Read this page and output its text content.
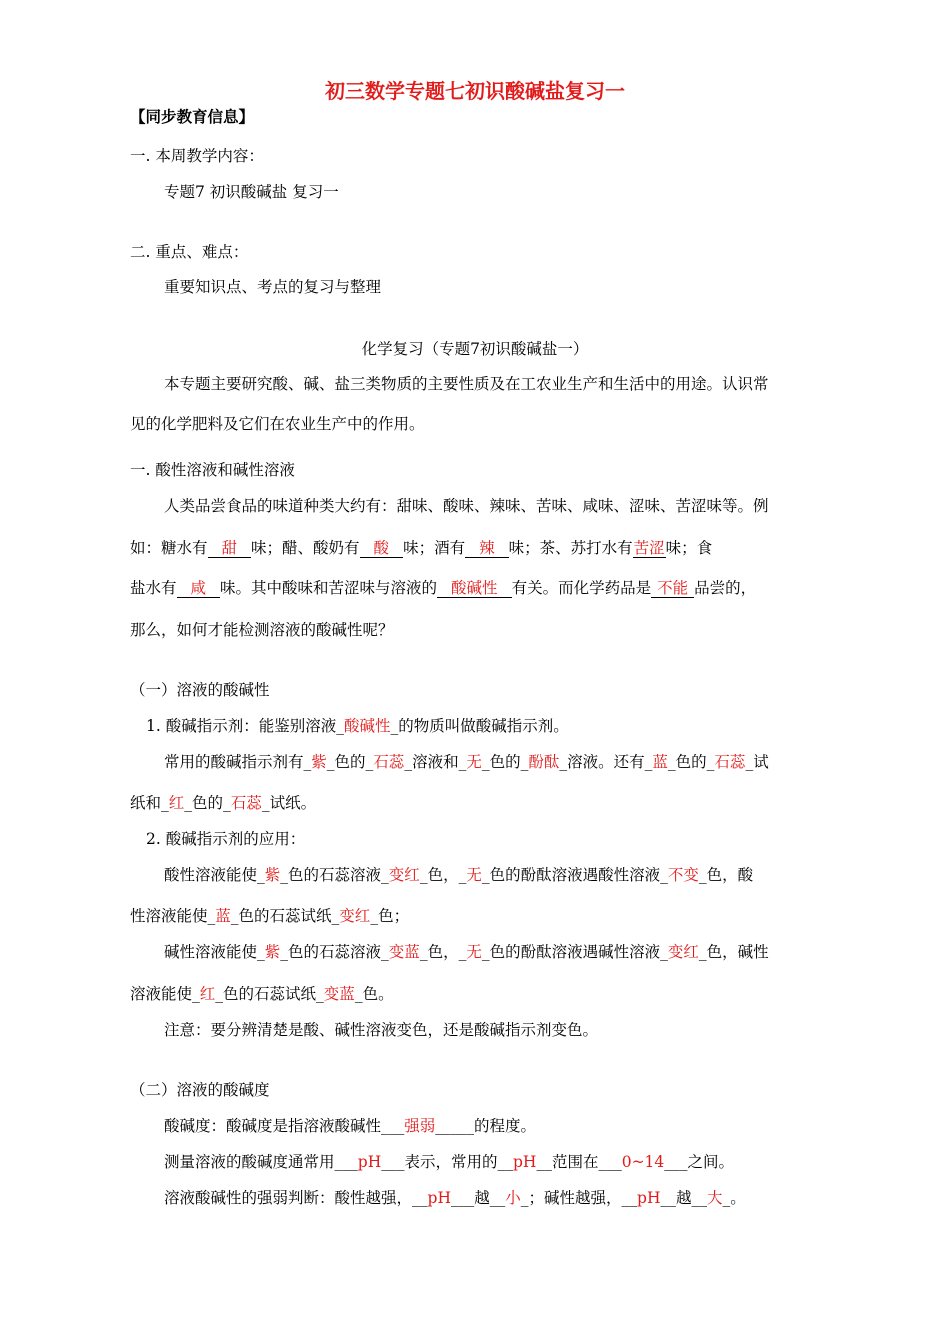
初三数学专题七初识酸碱盐复习一
【同步教育信息】
一. 本周教学内容：
专题7 初识酸碱盐 复习一
二. 重点、难点：
重要知识点、考点的复习与整理
化学复习（专题7初识酸碱盐一）
本专题主要研究酸、碱、盐三类物质的主要性质及在工农业生产和生活中的用途。认识常
见的化学肥料及它们在农业生产中的作用。
一. 酸性溶液和碱性溶液
人类品尝食品的味道种类大约有：甜味、酸味、辣味、苦味、咸味、涩味、苦涩味等。例
如：糖水有 甜 味；醋、酸奶有 酸 味；酒有 辣 味；茶、苏打水有苦涩味；食
盐水有 咸 味。其中酸味和苦涩味与溶液的 酸碱性 有关。而化学药品是 不能 品尝的，
那么，如何才能检测溶液的酸碱性呢？
（一）溶液的酸碱性
1. 酸碱指示剂：能鉴别溶液_酸碱性_的物质叫做酸碱指示剂。
常用的酸碱指示剂有_紫_色的_石蕊_溶液和_无_色的_酚酞_溶液。还有_蓝_色的_石蕊_试
纸和_红_色的_石蕊_试纸。
2. 酸碱指示剂的应用：
酸性溶液能使_紫_色的石蕊溶液_变红_色，_无_色的酚酞溶液遇酸性溶液_不变_色，酸
性溶液能使_蓝_色的石蕊试纸_变红_色；
碱性溶液能使_紫_色的石蕊溶液_变蓝_色，_无_色的酚酞溶液遇碱性溶液_变红_色，碱性
溶液能使_红_色的石蕊试纸_变蓝_色。
注意：要分辨清楚是酸、碱性溶液变色，还是酸碱指示剂变色。
（二）溶液的酸碱度
酸碱度：酸碱度是指溶液酸碱性___强弱_____的程度。
测量溶液的酸碱度通常用___pH___表示，常用的__pH__范围在___0~14___之间。
溶液酸碱性的强弱判断：酸性越强，__pH___越__小_；碱性越强，__pH__越__大_。
